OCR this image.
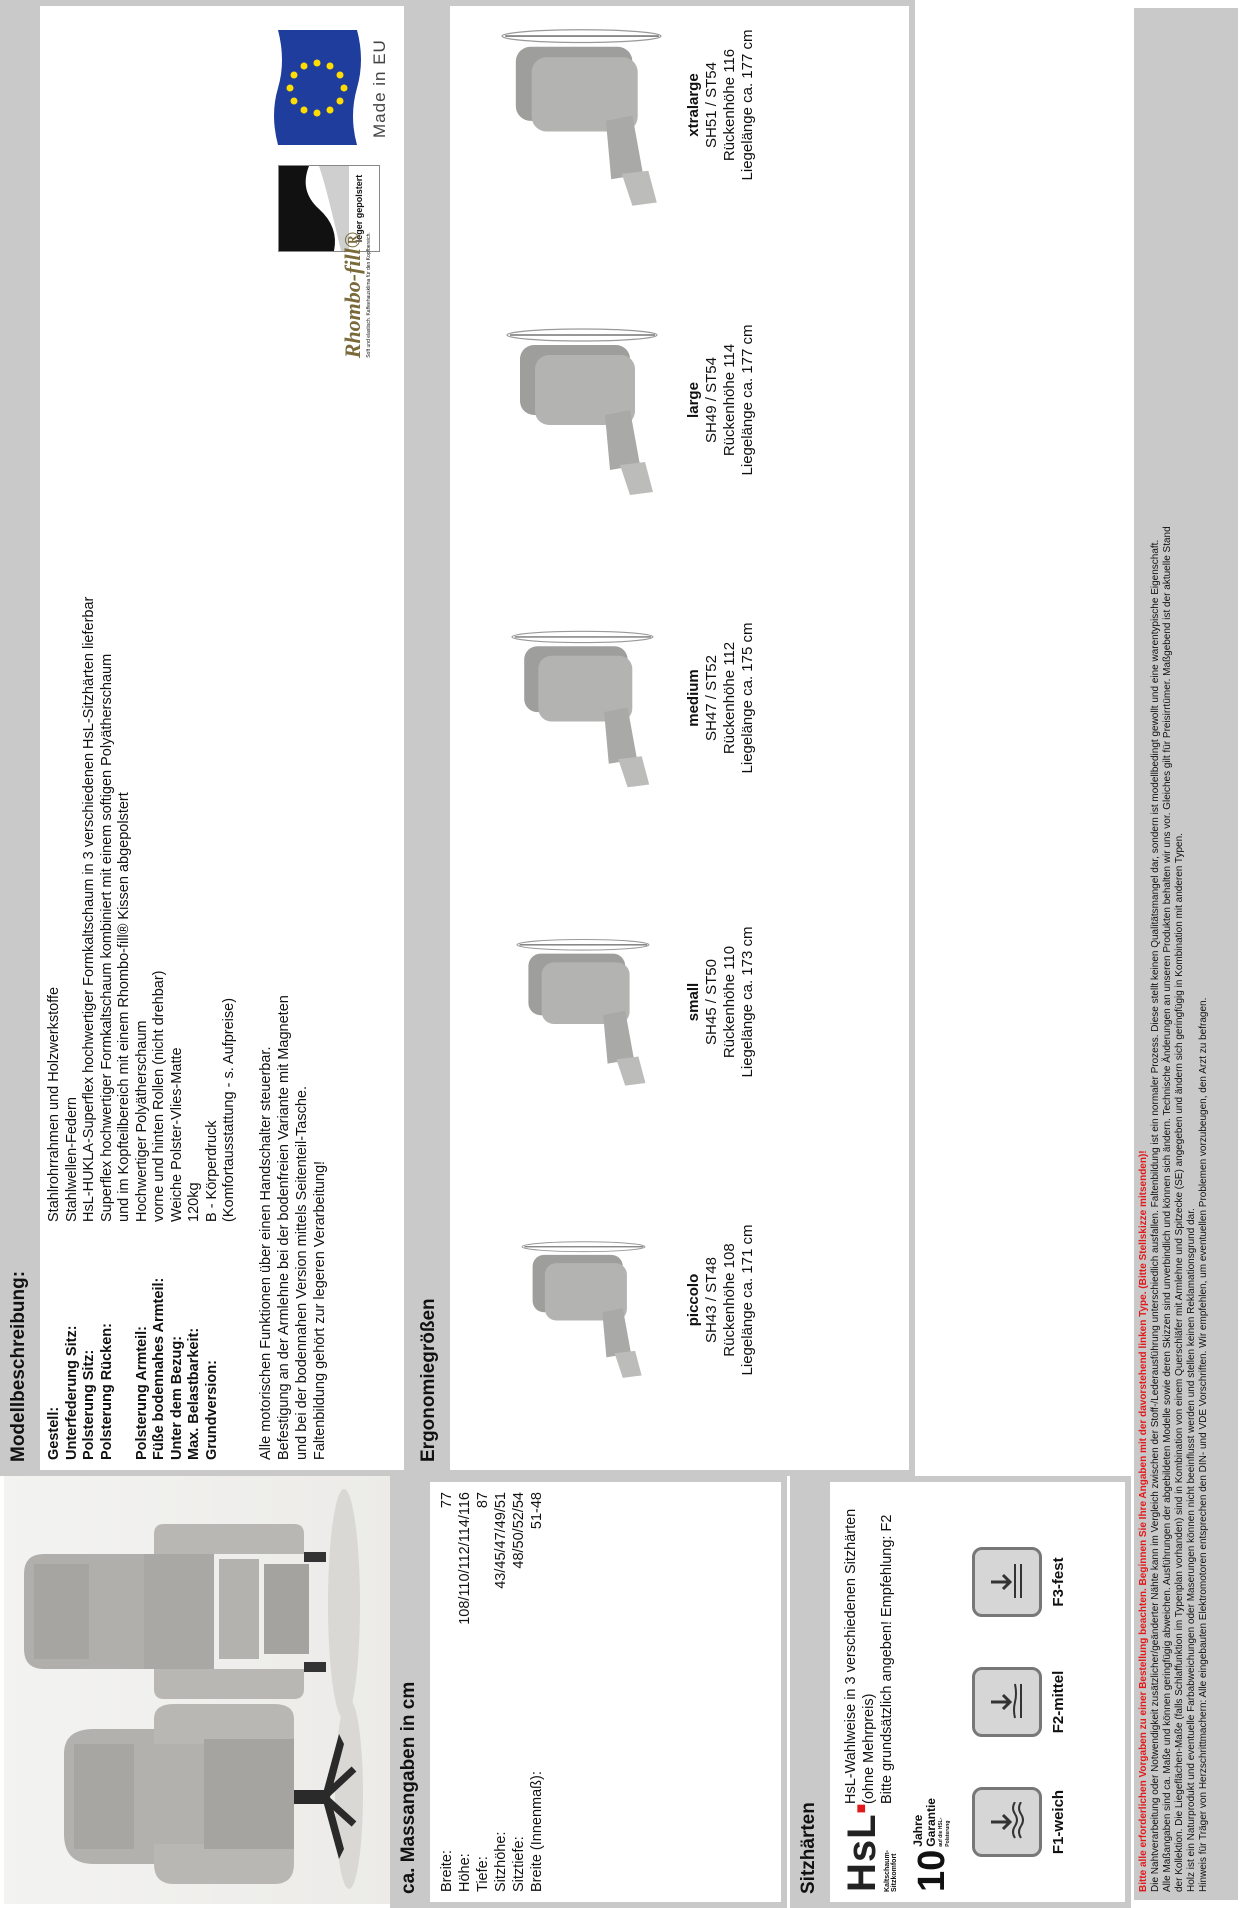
ca. Massangaben in cm	Breite:
77
Höhe:
108/110/112/114/116
Tiefe:
87
Sitzhöhe:
43/45/47/49/51
Sitztiefe:
48/50/52/54
Breite (Innenmaß):
51-48
Sitzhärten HsL■
Kaltschaum-Sitzkomfort 10
Jahre Garantie auf die HSL-Polsterung
HsL-Wahlweise in 3 verschiedenen Sitzhärten (ohne Mehrpreis) Bitte grundsätzlich angeben! Empfehlung: F2
F1-weich
F2-mittel
F3-fest
Modellbeschreibung:	Gestell:
Stahlrohrrahmen und Holzwerkstoffe
Unterfederung Sitz:
Stahlwellen-Federn
Polsterung Sitz:
HsL-HUKLA-Superflex hochwertiger Formkaltschaum in 3 verschiedenen HsL-Sitzhärten lieferbar
Polsterung Rücken:
Superflex hochwertiger Formkaltschaum kombiniert mit einem softigen Polyätherschaum und im Kopfteilbereich mit einem Rhombo-fill® Kissen abgepolstert
Polsterung Armteil:
Hochwertiger Polyätherschaum
Füße bodennahes Armteil:
vorne und hinten Rollen (nicht drehbar)
Unter dem Bezug:
Weiche Polster-Vlies-Matte
Max. Belastbarkeit:
120kg
Grundversion:
B - Körperdruck (Komfortausstattung - s. Aufpreise) Alle motorischen Funktionen über einen Handschalter steuerbar. Befestigung an der Armlehne bei der bodenfreien Variante mit Magneten und bei der bodennahen Version mittels Seitenteil-Tasche. Faltenbildung gehört zur legeren Verarbeitung!
Made in EU
leger gepolstert
Rhombo-fill® Soft und elastisch. Kaffeehausklima für den Kopfbereich.
Ergonomiegrößen	piccolo SH43 / ST48 Rückenhöhe 108 Liegelänge ca. 171 cm
small SH45 / ST50 Rückenhöhe 110 Liegelänge ca. 173 cm
medium SH47 / ST52 Rückenhöhe 112 Liegelänge ca. 175 cm
large SH49 / ST54 Rückenhöhe 114 Liegelänge ca. 177 cm
xtralarge SH51 / ST54 Rückenhöhe 116 Liegelänge ca. 177 cm
Bitte alle erforderlichen Vorgaben zu einer Bestellung beachten. Beginnen Sie Ihre Angaben mit der davorstehend linken Type. (Bitte Stellskizze mitsenden)! Die Nahtverarbeitung oder Notwendigkeit zusätzlicher/geänderter Nähte kann im Vergleich zwischen der Stoff-/Lederausführung unterschiedlich ausfallen. Faltenbildung ist ein normaler Prozess. Diese stellt keinen Qualitätsmangel dar, sondern ist modellbedingt gewollt und eine warentypische Eigenschaft. Alle Maßangaben sind ca. Maße und können geringfügig abweichen. Ausführungen der abgebildeten Modelle sowie deren Skizzen sind unverbindlich und können sich ändern. Technische Änderungen an unseren Produkten behalten wir uns vor. Gleiches gilt für Preisirrtümer. Maßgebend ist der aktuelle Stand der Kollektion. Die Liegeflächen-Maße (falls Schlaffunktion im Typenplan vorhanden) sind in Kombination von einem Querschläfer mit Armlehne und Spitzecke (SE) angegeben und ändern sich geringfügig in Kombination mit anderen Typen. Holz ist ein Naturprodukt und eventuelle Farbabweichungen oder Maserungen können nicht beeinflusst werden und stellen keinen Reklamationsgrund dar. Hinweis für Träger von Herzschrittmachern: Alle eingebauten Elektromotoren entsprechen den DIN- und VDE Vorschriften. Wir empfehlen, um eventuellen Problemen vorzubeugen, den Arzt zu befragen.
